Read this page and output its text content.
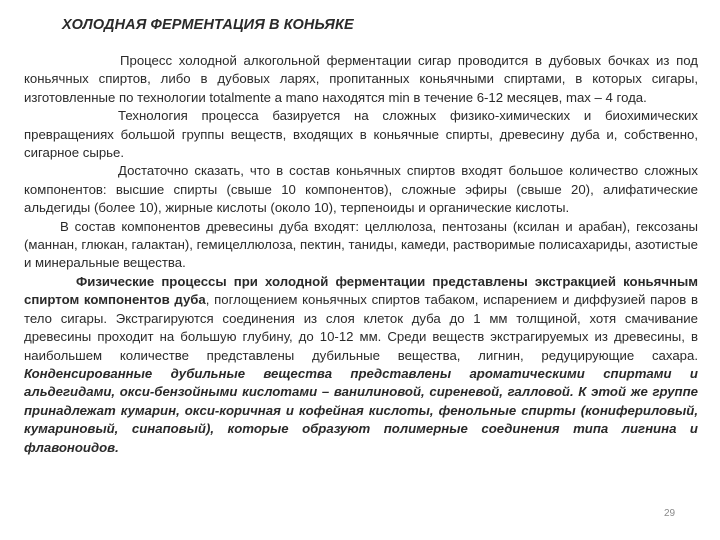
ХОЛОДНАЯ ФЕРМЕНТАЦИЯ В КОНЬЯКЕ

Процесс холодной алкогольной ферментации сигар проводится в дубовых бочках из под коньячных спиртов, либо в дубовых ларях, пропитанных коньячными спиртами, в которых сигары, изготовленные по технологии totalmente a mano находятся min в течение 6-12 месяцев, max – 4 года.

Технология процесса базируется на сложных физико-химических и биохимических превращениях большой группы веществ, входящих в коньячные спирты, древесину дуба и, собственно, сигарное сырье.

Достаточно сказать, что в состав коньячных спиртов входят большое количество сложных компонентов: высшие спирты (свыше 10 компонентов), сложные эфиры (свыше 20), алифатические альдегиды (более 10), жирные кислоты (около 10), терпеноиды и органические кислоты.

В состав компонентов древесины дуба входят: целлюлоза, пентозаны (ксилан и арабан), гексозаны (маннан, глюкан, галактан), гемицеллюлоза, пектин, таниды, камеди, растворимые полисахариды, азотистые и минеральные вещества.

Физические процессы при холодной ферментации представлены экстракцией коньячным спиртом компонентов дуба, поглощением коньячных спиртов табаком, испарением и диффузией паров в тело сигары. Экстрагируются соединения из слоя клеток дуба до 1 мм толщиной, хотя смачивание древесины проходит на большую глубину, до 10-12 мм. Среди веществ экстрагируемых из древесины, в наибольшем количестве представлены дубильные вещества, лигнин, редуцирующие сахара. Конденсированные дубильные вещества представлены ароматическими спиртами и альдегидами, окси-бензойными кислотами – ванилиновой, сиреневой, галловой. К этой же группе принадлежат кумарин, окси-коричная и кофейная кислоты, фенольные спирты (конифериловый, кумариновый, синаповый), которые образуют полимерные соединения типа лигнина и флавоноидов.

29
